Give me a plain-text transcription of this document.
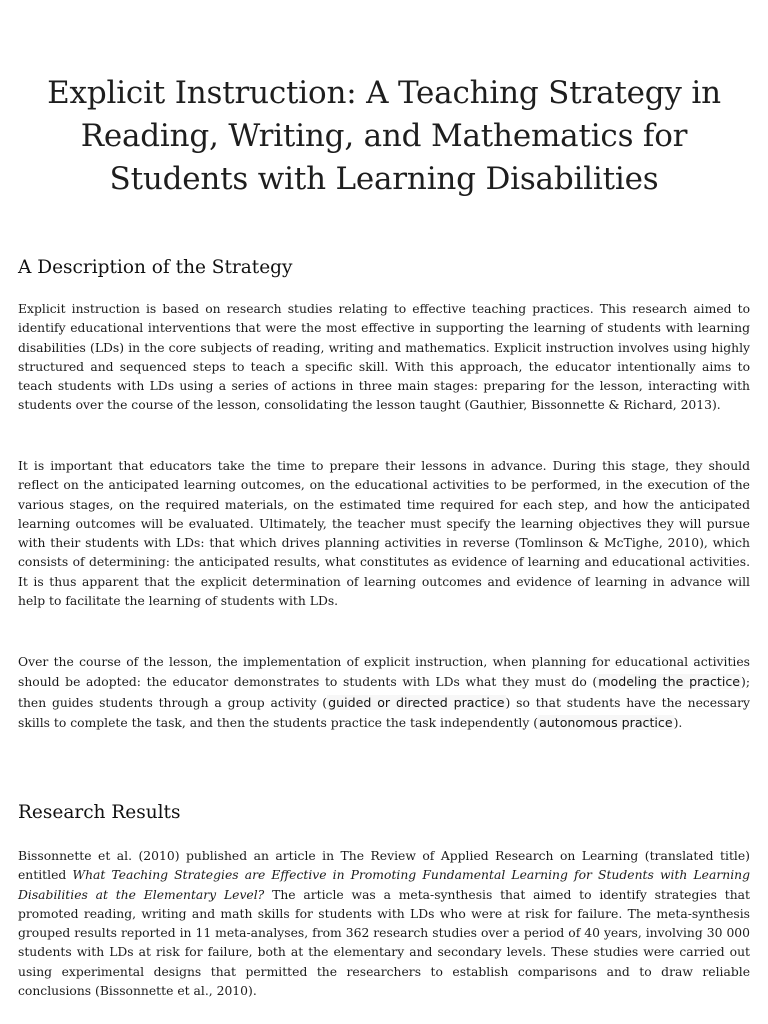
Explicit Instruction: A Teaching Strategy in Reading, Writing, and Mathematics for Students with Learning Disabilities
A Description of the Strategy

Explicit instruction is based on research studies relating to effective teaching practices. This research aimed to identify educational interventions that were the most effective in supporting the learning of students with learning disabilities (LDs) in the core subjects of reading, writing and mathematics. Explicit instruction involves using highly structured and sequenced steps to teach a specific skill. With this approach, the educator intentionally aims to teach students with LDs using a series of actions in three main stages: preparing for the lesson, interacting with students over the course of the lesson, consolidating the lesson taught (Gauthier, Bissonnette & Richard, 2013).

It is important that educators take the time to prepare their lessons in advance. During this stage, they should reflect on the anticipated learning outcomes, on the educational activities to be performed, in the execution of the various stages, on the required materials, on the estimated time required for each step, and how the anticipated learning outcomes will be evaluated. Ultimately, the teacher must specify the learning objectives they will pursue with their students with LDs: that which drives planning activities in reverse (Tomlinson & McTighe, 2010), which consists of determining: the anticipated results, what constitutes as evidence of learning and educational activities. It is thus apparent that the explicit determination of learning outcomes and evidence of learning in advance will help to facilitate the learning of students with LDs.

Over the course of the lesson, the implementation of explicit instruction, when planning for educational activities should be adopted: the educator demonstrates to students with LDs what they must do (modeling the practice); then guides students through a group activity (guided or directed practice) so that students have the necessary skills to complete the task, and then the students practice the task independently (autonomous practice).

Research Results

Bissonnette et al. (2010) published an article in The Review of Applied Research on Learning (translated title) entitled What Teaching Strategies are Effective in Promoting Fundamental Learning for Students with Learning Disabilities at the Elementary Level? The article was a meta-synthesis that aimed to identify strategies that promoted reading, writing and math skills for students with LDs who were at risk for failure. The meta-synthesis grouped results reported in 11 meta-analyses, from 362 research studies over a period of 40 years, involving 30 000 students with LDs at risk for failure, both at the elementary and secondary levels. These studies were carried out using experimental designs that permitted the researchers to establish comparisons and to draw reliable conclusions (Bissonnette et al., 2010).
